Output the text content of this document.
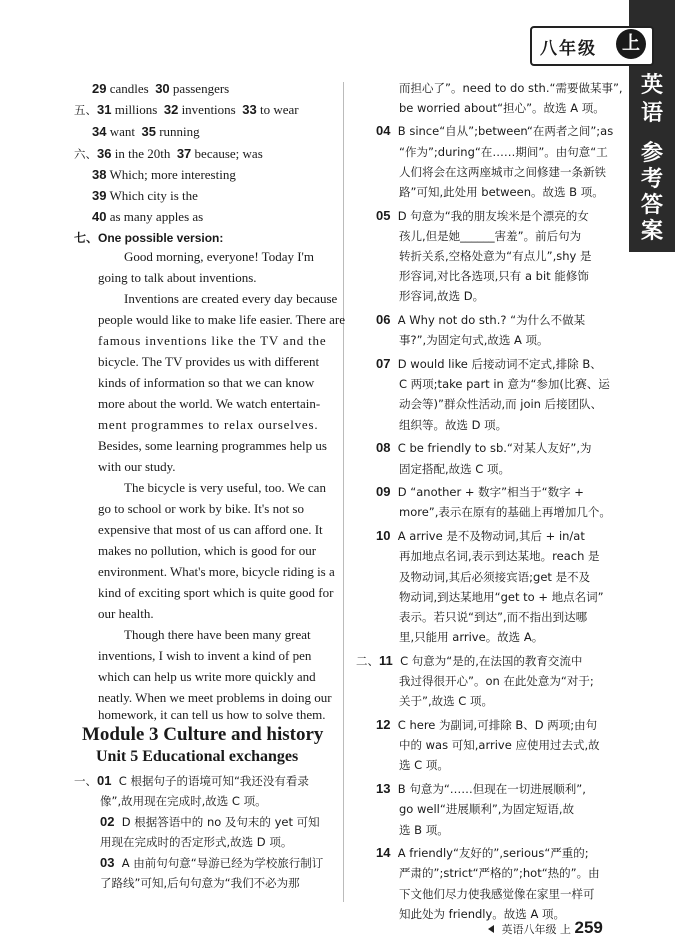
八年级	上
英
语
参
考
答
案
29 candles 30 passengers
五、31 millions 32 inventions 33 to wear
34 want 35 running
六、36 in the 20th 37 because; was
38 Which; more interesting
39 Which city is the
40 as many apples as
七、One possible version:
Good morning, everyone! Today I'm
going to talk about inventions.
Inventions are created every day because
people would like to make life easier. There are
famous inventions like the TV and the
bicycle. The TV provides us with different
kinds of information so that we can know
more about the world. We watch entertain-
ment programmes to relax ourselves.
Besides, some learning programmes help us
with our study.
The bicycle is very useful, too. We can
go to school or work by bike. It's not so
expensive that most of us can afford one. It
makes no pollution, which is good for our
environment. What's more, bicycle riding is a
kind of exciting sport which is quite good for
our health.
Though there have been many great
inventions, I wish to invent a kind of pen
which can help us write more quickly and
neatly. When we meet problems in doing our
homework, it can tell us how to solve them.
Module 3 Culture and history
Unit 5 Educational exchanges
一、01 C 根据句子的语境可知“我还没有看录
像”,故用现在完成时,故选 C 项。
02 D 根据答语中的 no 及句末的 yet 可知
用现在完成时的否定形式,故选 D 项。
03 A 由前句句意“导游已经为学校旅行制订
了路线”可知,后句句意为“我们不必为那
而担心了”。need to do sth.“需要做某事”,
be worried about“担心”。故选 A 项。
04 B since“自从”;between“在两者之间”;as
“作为”;during“在……期间”。由句意“工
人们将会在这两座城市之间修建一条新铁
路”可知,此处用 between。故选 B 项。
05 D 句意为“我的朋友埃米是个漂亮的女
孩儿,但是她______害羞”。前后句为
转折关系,空格处意为“有点儿”,shy 是
形容词,对比各选项,只有 a bit 能修饰
形容词,故选 D。
06 A Why not do sth.? “为什么不做某
事?”,为固定句式,故选 A 项。
07 D would like 后接动词不定式,排除 B、
C 两项;take part in 意为“参加(比赛、运
动会等)”群众性活动,而 join 后接团队、
组织等。故选 D 项。
08 C be friendly to sb.“对某人友好”,为
固定搭配,故选 C 项。
09 D “another + 数字”相当于“数字 +
more”,表示在原有的基础上再增加几个。
10 A arrive 是不及物动词,其后 + in/at
再加地点名词,表示到达某地。reach 是
及物动词,其后必须接宾语;get 是不及
物动词,到达某地用“get to + 地点名词”
表示。若只说“到达”,而不指出到达哪
里,只能用 arrive。故选 A。
二、11 C 句意为“是的,在法国的教育交流中
我过得很开心”。on 在此处意为“对于;
关于”,故选 C 项。
12 C here 为副词,可排除 B、D 两项;由句
中的 was 可知,arrive 应使用过去式,故
选 C 项。
13 B 句意为“……但现在一切进展顺利”,
go well“进展顺利”,为固定短语,故
选 B 项。
14 A friendly“友好的”,serious“严重的;
严肃的”;strict“严格的”;hot“热的”。由
下文他们尽力使我感觉像在家里一样可
知此处为 friendly。故选 A 项。
英语八年级 上 259
